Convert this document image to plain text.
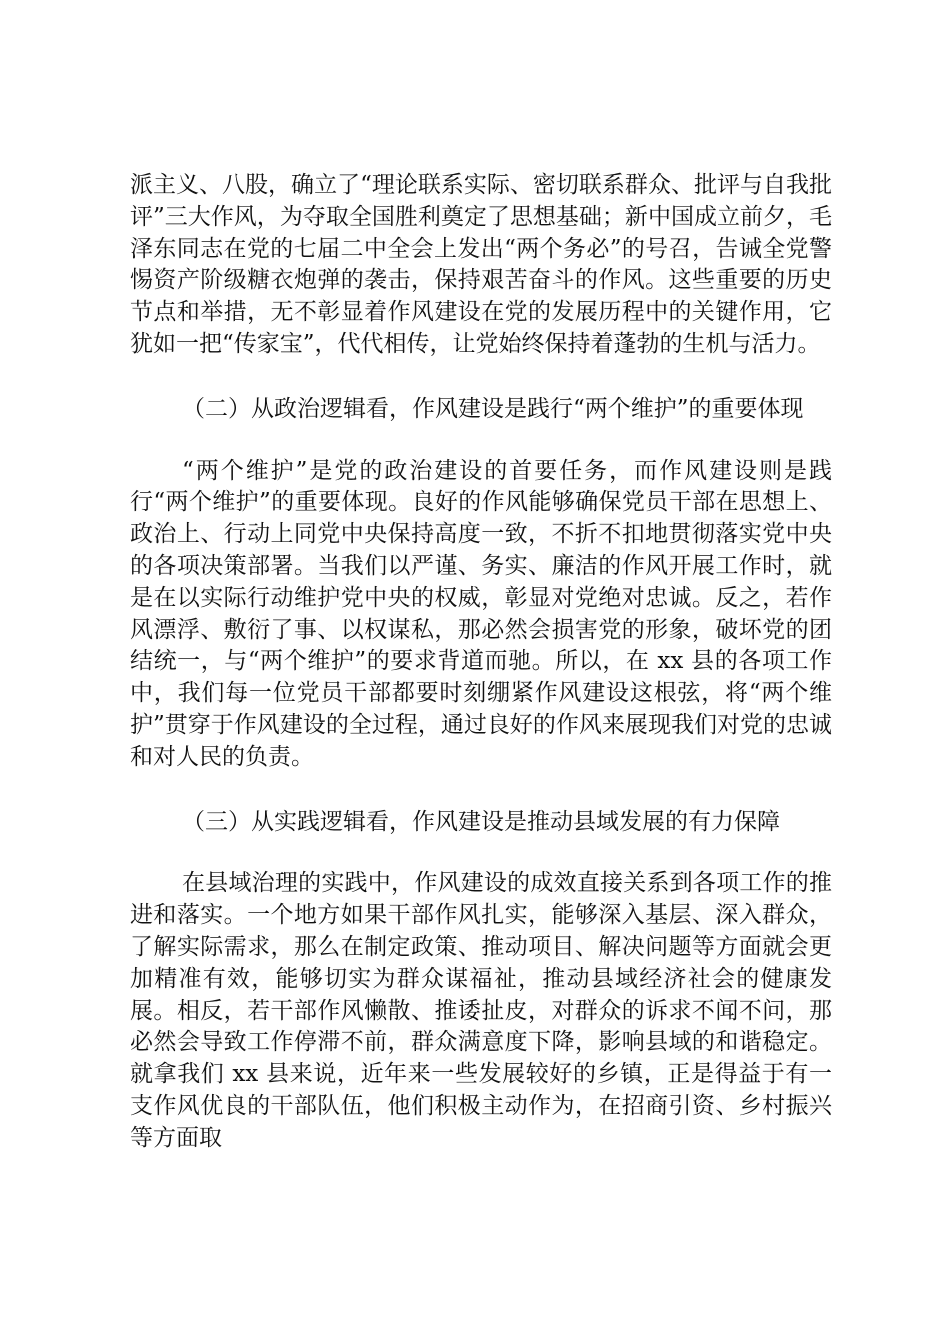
派主义、八股，确立了“理论联系实际、密切联系群众、批评与自我批评”三大作风，为夺取全国胜利奠定了思想基础；新中国成立前夕，毛泽东同志在党的七届二中全会上发出“两个务必”的号召，告诫全党警惕资产阶级糖衣炮弹的袭击，保持艰苦奋斗的作风。这些重要的历史节点和举措，无不彰显着作风建设在党的发展历程中的关键作用，它犹如一把“传家宝”，代代相传，让党始终保持着蓬勃的生机与活力。

（二）从政治逻辑看，作风建设是践行“两个维护”的重要体现

“两个维护”是党的政治建设的首要任务，而作风建设则是践行“两个维护”的重要体现。良好的作风能够确保党员干部在思想上、政治上、行动上同党中央保持高度一致，不折不扣地贯彻落实党中央的各项决策部署。当我们以严谨、务实、廉洁的作风开展工作时，就是在以实际行动维护党中央的权威，彰显对党绝对忠诚。反之，若作风漂浮、敷衍了事、以权谋私，那必然会损害党的形象，破坏党的团结统一，与“两个维护”的要求背道而驰。所以，在 xx 县的各项工作中，我们每一位党员干部都要时刻绷紧作风建设这根弦，将“两个维护”贯穿于作风建设的全过程，通过良好的作风来展现我们对党的忠诚和对人民的负责。

（三）从实践逻辑看，作风建设是推动县域发展的有力保障

在县域治理的实践中，作风建设的成效直接关系到各项工作的推进和落实。一个地方如果干部作风扎实，能够深入基层、深入群众，了解实际需求，那么在制定政策、推动项目、解决问题等方面就会更加精准有效，能够切实为群众谋福祉，推动县域经济社会的健康发展。相反，若干部作风懒散、推诿扯皮，对群众的诉求不闻不问，那必然会导致工作停滞不前，群众满意度下降，影响县域的和谐稳定。就拿我们 xx 县来说，近年来一些发展较好的乡镇，正是得益于有一支作风优良的干部队伍，他们积极主动作为，在招商引资、乡村振兴等方面取
